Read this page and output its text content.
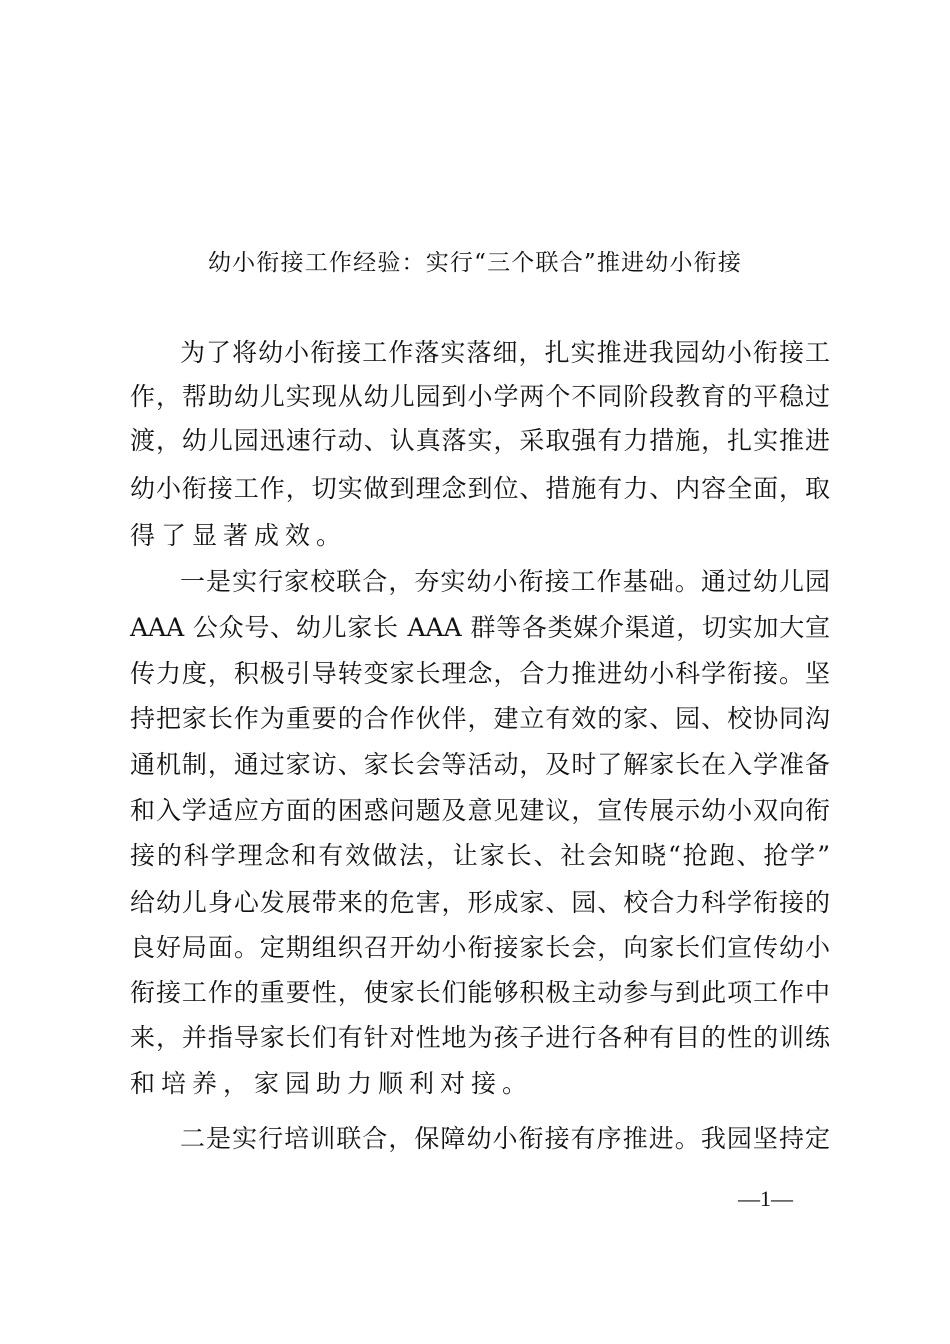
幼小衔接工作经验：实行“三个联合”推进幼小衔接
为了将幼小衔接工作落实落细，扎实推进我园幼小衔接工
作，帮助幼儿实现从幼儿园到小学两个不同阶段教育的平稳过
渡，幼儿园迅速行动、认真落实，采取强有力措施，扎实推进
幼小衔接工作，切实做到理念到位、措施有力、内容全面，取
得了显著成效。
一是实行家校联合，夯实幼小衔接工作基础。通过幼儿园
AAA 公众号、幼儿家长 AAA 群等各类媒介渠道，切实加大宣
传力度，积极引导转变家长理念，合力推进幼小科学衔接。坚
持把家长作为重要的合作伙伴，建立有效的家、园、校协同沟
通机制，通过家访、家长会等活动，及时了解家长在入学准备
和入学适应方面的困惑问题及意见建议，宣传展示幼小双向衔
接的科学理念和有效做法，让家长、社会知晓“抢跑、抢学”
给幼儿身心发展带来的危害，形成家、园、校合力科学衔接的
良好局面。定期组织召开幼小衔接家长会，向家长们宣传幼小
衔接工作的重要性，使家长们能够积极主动参与到此项工作中
来，并指导家长们有针对性地为孩子进行各种有目的性的训练
和培养，家园助力顺利对接。
二是实行培训联合，保障幼小衔接有序推进。我园坚持定
—1—
